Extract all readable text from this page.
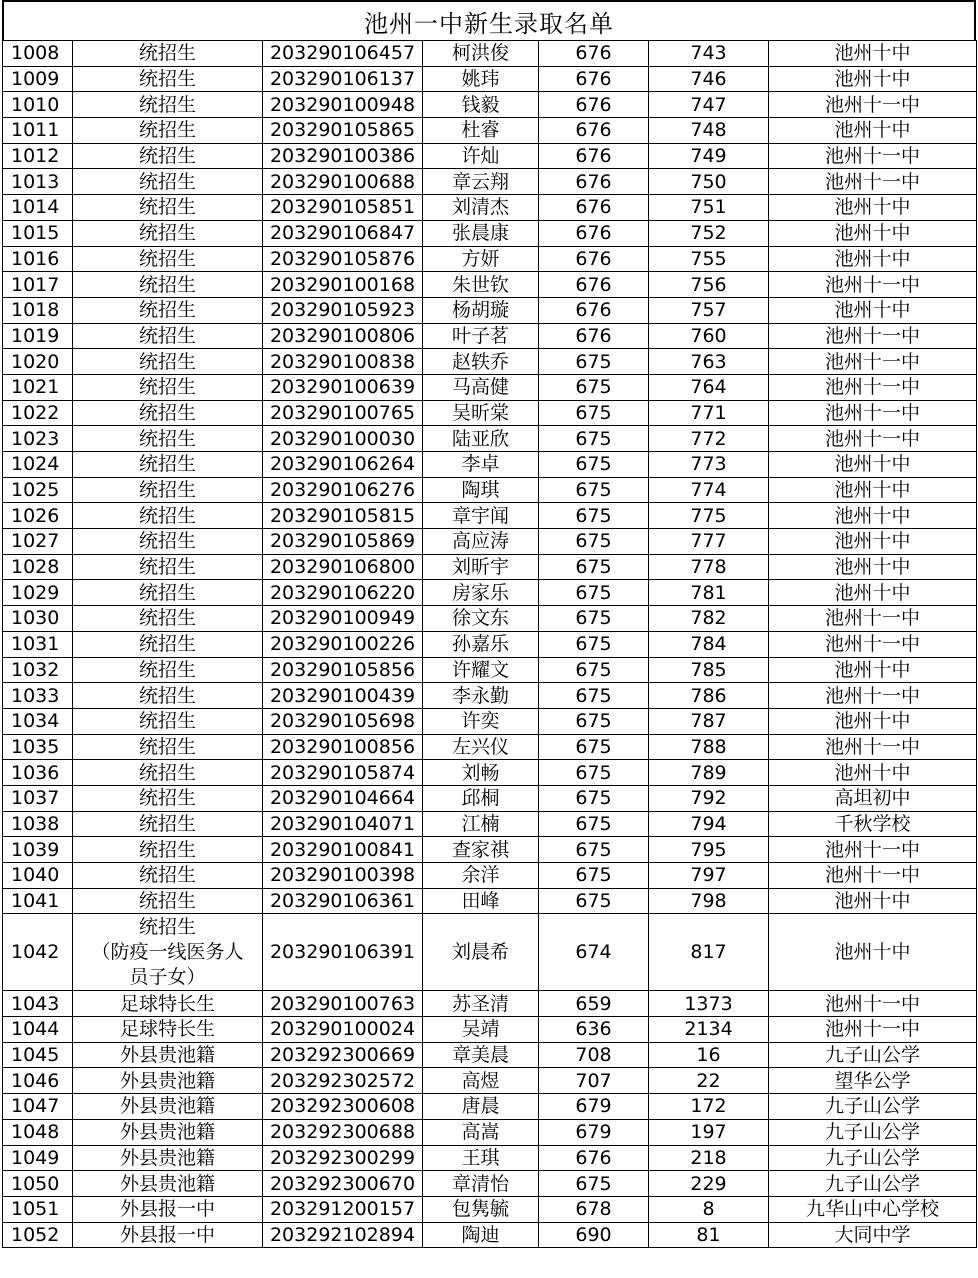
池州一中新生录取名单
1008	统招生	203290106457	柯洪俊	676	743	池州十中
1009	统招生	203290106137	姚玮	676	746	池州十中
1010	统招生	203290100948	钱毅	676	747	池州十一中
1011	统招生	203290105865	杜睿	676	748	池州十中
1012	统招生	203290100386	许灿	676	749	池州十一中
1013	统招生	203290100688	章云翔	676	750	池州十一中
1014	统招生	203290105851	刘清杰	676	751	池州十中
1015	统招生	203290106847	张晨康	676	752	池州十中
1016	统招生	203290105876	方妍	676	755	池州十中
1017	统招生	203290100168	朱世钦	676	756	池州十一中
1018	统招生	203290105923	杨胡璇	676	757	池州十中
1019	统招生	203290100806	叶子茗	676	760	池州十一中
1020	统招生	203290100838	赵轶乔	675	763	池州十一中
1021	统招生	203290100639	马高健	675	764	池州十一中
1022	统招生	203290100765	吴昕棠	675	771	池州十一中
1023	统招生	203290100030	陆亚欣	675	772	池州十一中
1024	统招生	203290106264	李卓	675	773	池州十中
1025	统招生	203290106276	陶琪	675	774	池州十中
1026	统招生	203290105815	章宇闻	675	775	池州十中
1027	统招生	203290105869	高应涛	675	777	池州十中
1028	统招生	203290106800	刘昕宇	675	778	池州十中
1029	统招生	203290106220	房家乐	675	781	池州十中
1030	统招生	203290100949	徐文东	675	782	池州十一中
1031	统招生	203290100226	孙嘉乐	675	784	池州十一中
1032	统招生	203290105856	许耀文	675	785	池州十中
1033	统招生	203290100439	李永勤	675	786	池州十一中
1034	统招生	203290105698	许奕	675	787	池州十中
1035	统招生	203290100856	左兴仪	675	788	池州十一中
1036	统招生	203290105874	刘畅	675	789	池州十中
1037	统招生	203290104664	邱桐	675	792	高坦初中
1038	统招生	203290104071	江楠	675	794	千秋学校
1039	统招生	203290100841	查家祺	675	795	池州十一中
1040	统招生	203290100398	余洋	675	797	池州十一中
1041	统招生	203290106361	田峰	675	798	池州十中
1042	统招生
（防疫一线医务人
员子女）	203290106391	刘晨希	674	817	池州十中
1043	足球特长生	203290100763	苏圣清	659	1373	池州十一中
1044	足球特长生	203290100024	吴靖	636	2134	池州十一中
1045	外县贵池籍	203292300669	章美晨	708	16	九子山公学
1046	外县贵池籍	203292302572	高煜	707	22	望华公学
1047	外县贵池籍	203292300608	唐晨	679	172	九子山公学
1048	外县贵池籍	203292300688	高嵩	679	197	九子山公学
1049	外县贵池籍	203292300299	王琪	676	218	九子山公学
1050	外县贵池籍	203292300670	章清怡	675	229	九子山公学
1051	外县报一中	203291200157	包隽毓	678	8	九华山中心学校
1052	外县报一中	203292102894	陶迪	690	81	大同中学
